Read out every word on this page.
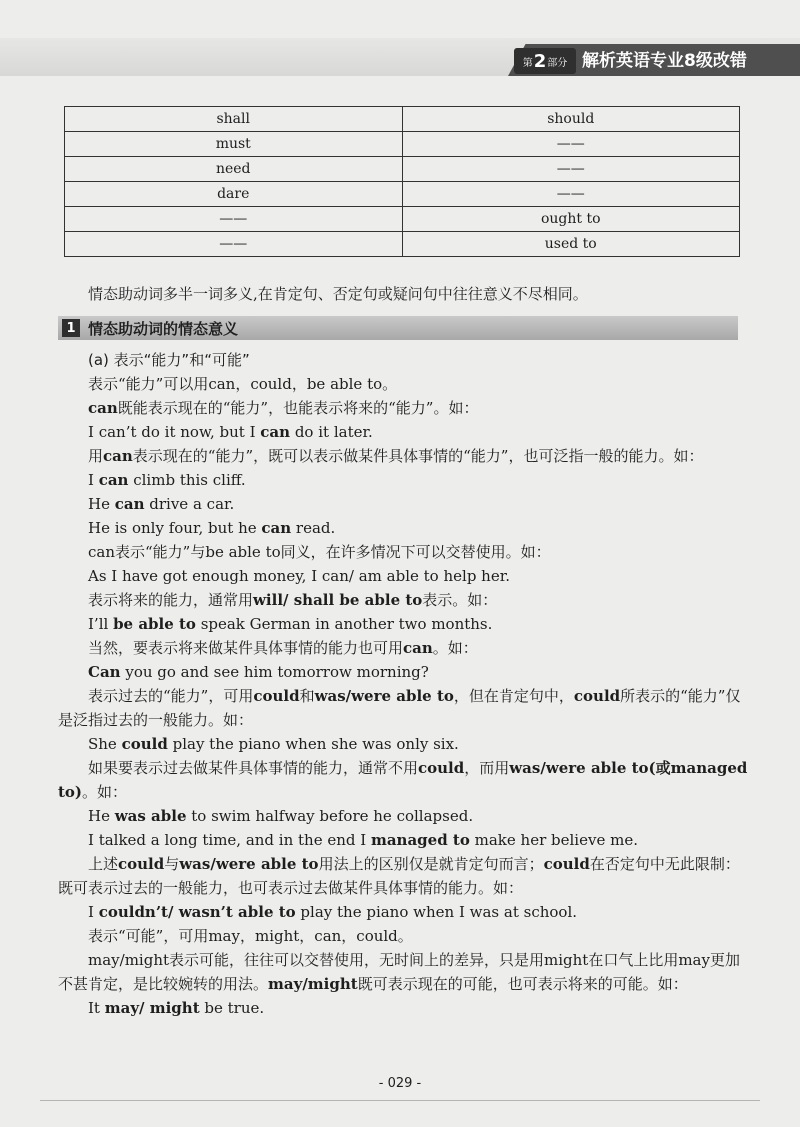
第 2 部分 解析英语专业8级改错
shall	should
must	——
need	——
dare	——
——	ought to
——	used to
情态助动词多半一词多义,在肯定句、否定句或疑问句中往往意义不尽相同。
1 情态助动词的情态意义
(a) 表示“能力”和“可能”
表示“能力”可以用can，could，be able to。
can既能表示现在的“能力”，也能表示将来的“能力”。如：
I can’t do it now, but I can do it later.
用can表示现在的“能力”，既可以表示做某件具体事情的“能力”，也可泛指一般的能力。如：
I can climb this cliff.
He can drive a car.
He is only four, but he can read.
can表示“能力”与be able to同义，在许多情况下可以交替使用。如：
As I have got enough money, I can/ am able to help her.
表示将来的能力，通常用will/ shall be able to表示。如：
I’ll be able to speak German in another two months.
当然，要表示将来做某件具体事情的能力也可用can。如：
Can you go and see him tomorrow morning?
表示过去的“能力”，可用could和was/were able to，但在肯定句中，could所表示的“能力”仅是泛指过去的一般能力。如：
She could play the piano when she was only six.
如果要表示过去做某件具体事情的能力，通常不用could，而用was/were able to(或managed to)。如：
He was able to swim halfway before he collapsed.
I talked a long time, and in the end I managed to make her believe me.
上述could与was/were able to用法上的区别仅是就肯定句而言；could在否定句中无此限制：既可表示过去的一般能力，也可表示过去做某件具体事情的能力。如：
I couldn’t/ wasn’t able to play the piano when I was at school.
表示“可能”，可用may，might，can，could。
may/might表示可能，往往可以交替使用，无时间上的差异，只是用might在口气上比用may更加不甚肯定，是比较婉转的用法。may/might既可表示现在的可能，也可表示将来的可能。如：
It may/ might be true.
- 029 -
